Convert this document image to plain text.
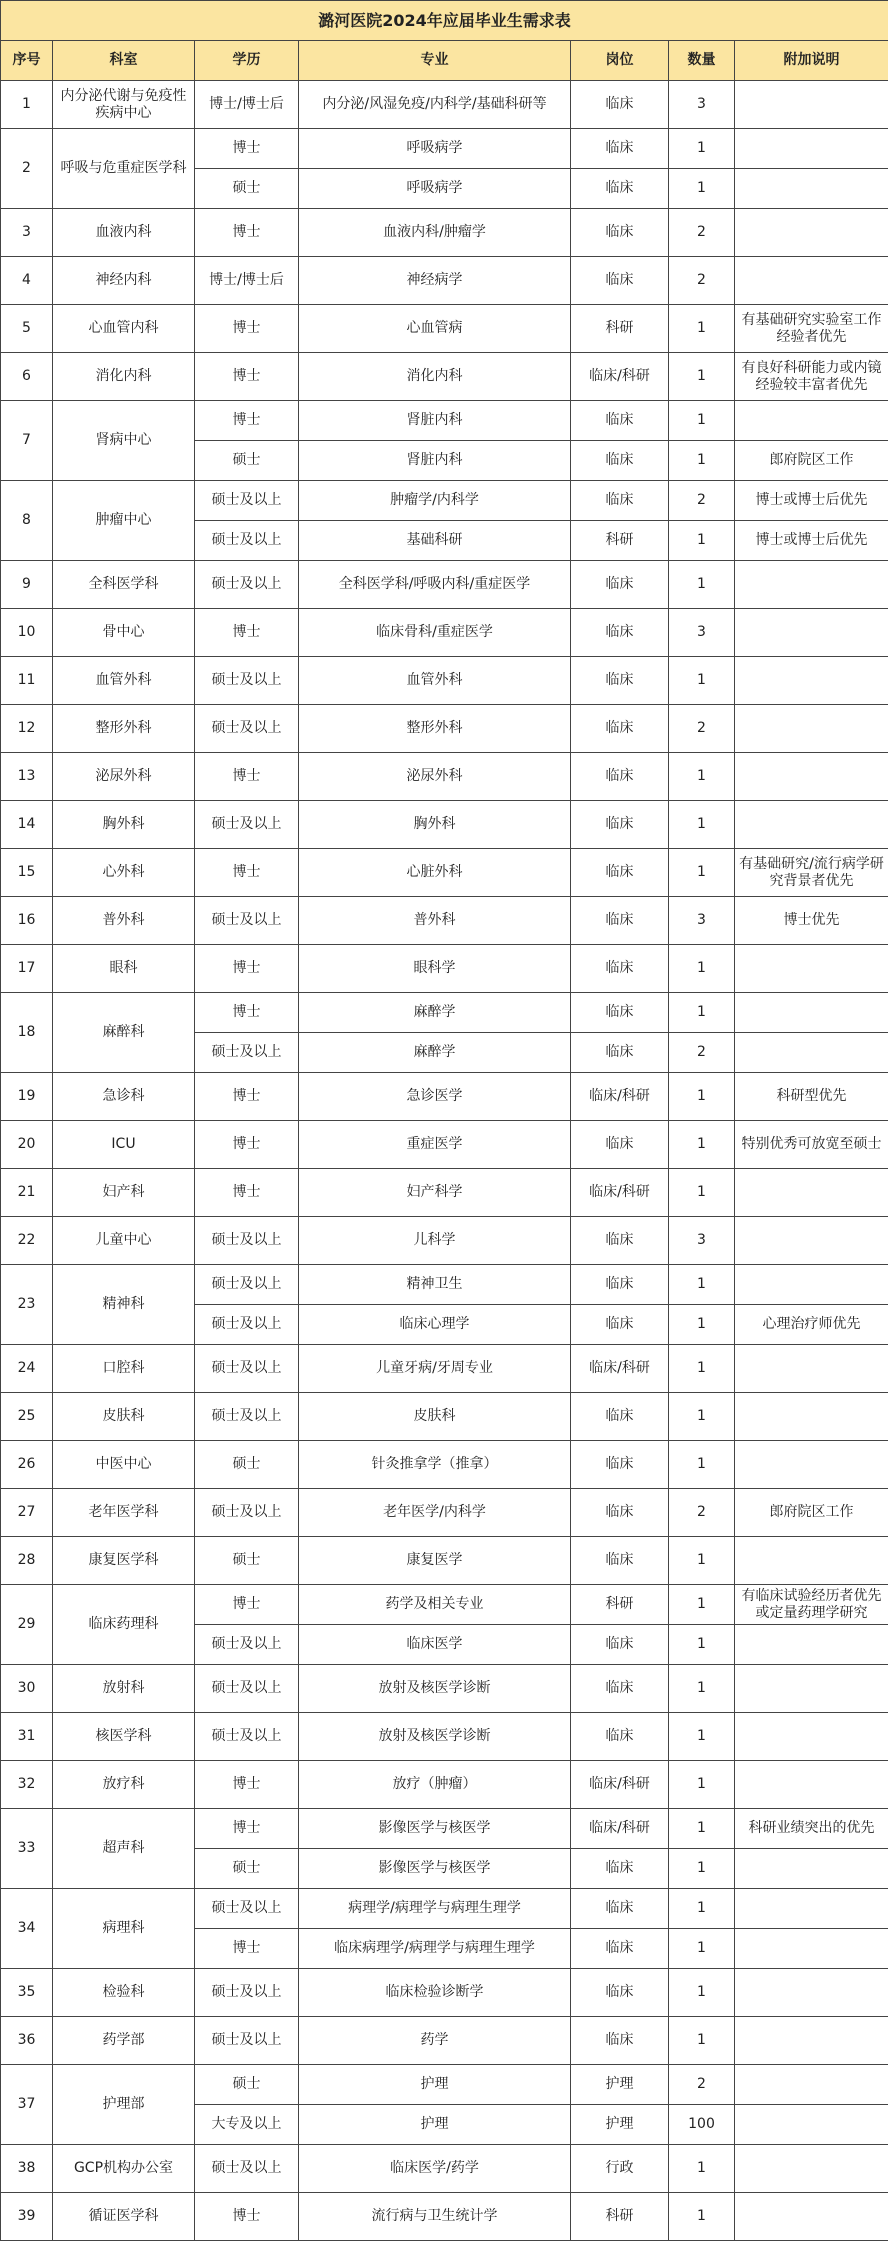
潞河医院2024年应届毕业生需求表						
序号	科室	学历	专业	岗位	数量	附加说明
1	内分泌代谢与免疫性疾病中心	博士/博士后	内分泌/风湿免疫/内科学/基础科研等	临床	3	
2	呼吸与危重症医学科	博士	呼吸病学	临床	1	
		硕士	呼吸病学	临床	1	
3	血液内科	博士	血液内科/肿瘤学	临床	2	
4	神经内科	博士/博士后	神经病学	临床	2	
5	心血管内科	博士	心血管病	科研	1	有基础研究实验室工作经验者优先
6	消化内科	博士	消化内科	临床/科研	1	有良好科研能力或内镜经验较丰富者优先
7	肾病中心	博士	肾脏内科	临床	1	
		硕士	肾脏内科	临床	1	郎府院区工作
8	肿瘤中心	硕士及以上	肿瘤学/内科学	临床	2	博士或博士后优先
		硕士及以上	基础科研	科研	1	博士或博士后优先
9	全科医学科	硕士及以上	全科医学科/呼吸内科/重症医学	临床	1	
10	骨中心	博士	临床骨科/重症医学	临床	3	
11	血管外科	硕士及以上	血管外科	临床	1	
12	整形外科	硕士及以上	整形外科	临床	2	
13	泌尿外科	博士	泌尿外科	临床	1	
14	胸外科	硕士及以上	胸外科	临床	1	
15	心外科	博士	心脏外科	临床	1	有基础研究/流行病学研究背景者优先
16	普外科	硕士及以上	普外科	临床	3	博士优先
17	眼科	博士	眼科学	临床	1	
18	麻醉科	博士	麻醉学	临床	1	
		硕士及以上	麻醉学	临床	2	
19	急诊科	博士	急诊医学	临床/科研	1	科研型优先
20	ICU	博士	重症医学	临床	1	特别优秀可放宽至硕士
21	妇产科	博士	妇产科学	临床/科研	1	
22	儿童中心	硕士及以上	儿科学	临床	3	
23	精神科	硕士及以上	精神卫生	临床	1	
		硕士及以上	临床心理学	临床	1	心理治疗师优先
24	口腔科	硕士及以上	儿童牙病/牙周专业	临床/科研	1	
25	皮肤科	硕士及以上	皮肤科	临床	1	
26	中医中心	硕士	针灸推拿学（推拿）	临床	1	
27	老年医学科	硕士及以上	老年医学/内科学	临床	2	郎府院区工作
28	康复医学科	硕士	康复医学	临床	1	
29	临床药理科	博士	药学及相关专业	科研	1	有临床试验经历者优先或定量药理学研究
		硕士及以上	临床医学	临床	1	
30	放射科	硕士及以上	放射及核医学诊断	临床	1	
31	核医学科	硕士及以上	放射及核医学诊断	临床	1	
32	放疗科	博士	放疗（肿瘤）	临床/科研	1	
33	超声科	博士	影像医学与核医学	临床/科研	1	科研业绩突出的优先
		硕士	影像医学与核医学	临床	1	
34	病理科	硕士及以上	病理学/病理学与病理生理学	临床	1	
		博士	临床病理学/病理学与病理生理学	临床	1	
35	检验科	硕士及以上	临床检验诊断学	临床	1	
36	药学部	硕士及以上	药学	临床	1	
37	护理部	硕士	护理	护理	2	
		大专及以上	护理	护理	100	
38	GCP机构办公室	硕士及以上	临床医学/药学	行政	1	
39	循证医学科	博士	流行病与卫生统计学	科研	1	
